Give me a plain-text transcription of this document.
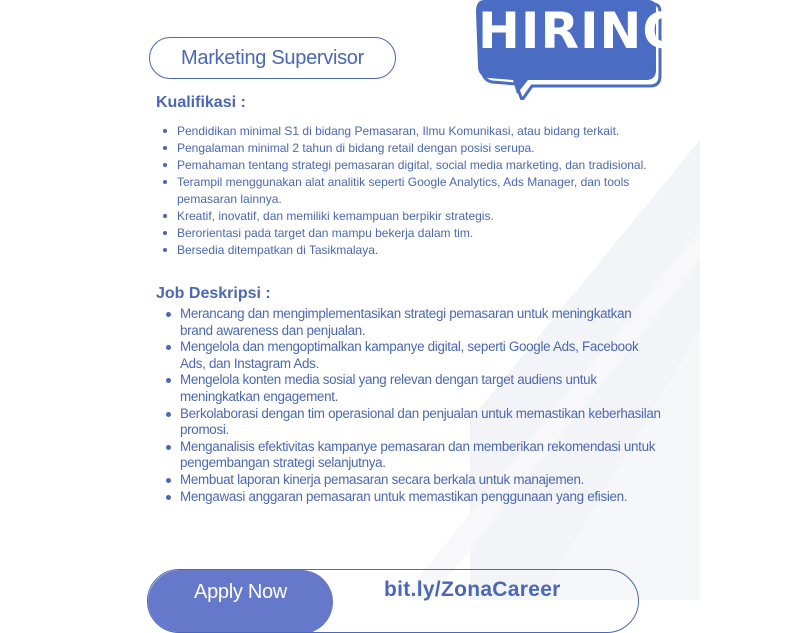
Marketing Supervisor	HIRING
Kualifikasi :
Pendidikan minimal S1 di bidang Pemasaran, Ilmu Komunikasi, atau bidang terkait.
Pengalaman minimal 2 tahun di bidang retail dengan posisi serupa.
Pemahaman tentang strategi pemasaran digital, social media marketing, dan tradisional.
Terampil menggunakan alat analitik seperti Google Analytics, Ads Manager, dan tools pemasaran lainnya.
Kreatif, inovatif, dan memiliki kemampuan berpikir strategis.
Berorientasi pada target dan mampu bekerja dalam tim.
Bersedia ditempatkan di Tasikmalaya.
Job Deskripsi :
Merancang dan mengimplementasikan strategi pemasaran untuk meningkatkan brand awareness dan penjualan.
Mengelola dan mengoptimalkan kampanye digital, seperti Google Ads, Facebook Ads, dan Instagram Ads.
Mengelola konten media sosial yang relevan dengan target audiens untuk meningkatkan engagement.
Berkolaborasi dengan tim operasional dan penjualan untuk memastikan keberhasilan promosi.
Menganalisis efektivitas kampanye pemasaran dan memberikan rekomendasi untuk pengembangan strategi selanjutnya.
Membuat laporan kinerja pemasaran secara berkala untuk manajemen.
Mengawasi anggaran pemasaran untuk memastikan penggunaan yang efisien.
Apply Now	bit.ly/ZonaCareer
